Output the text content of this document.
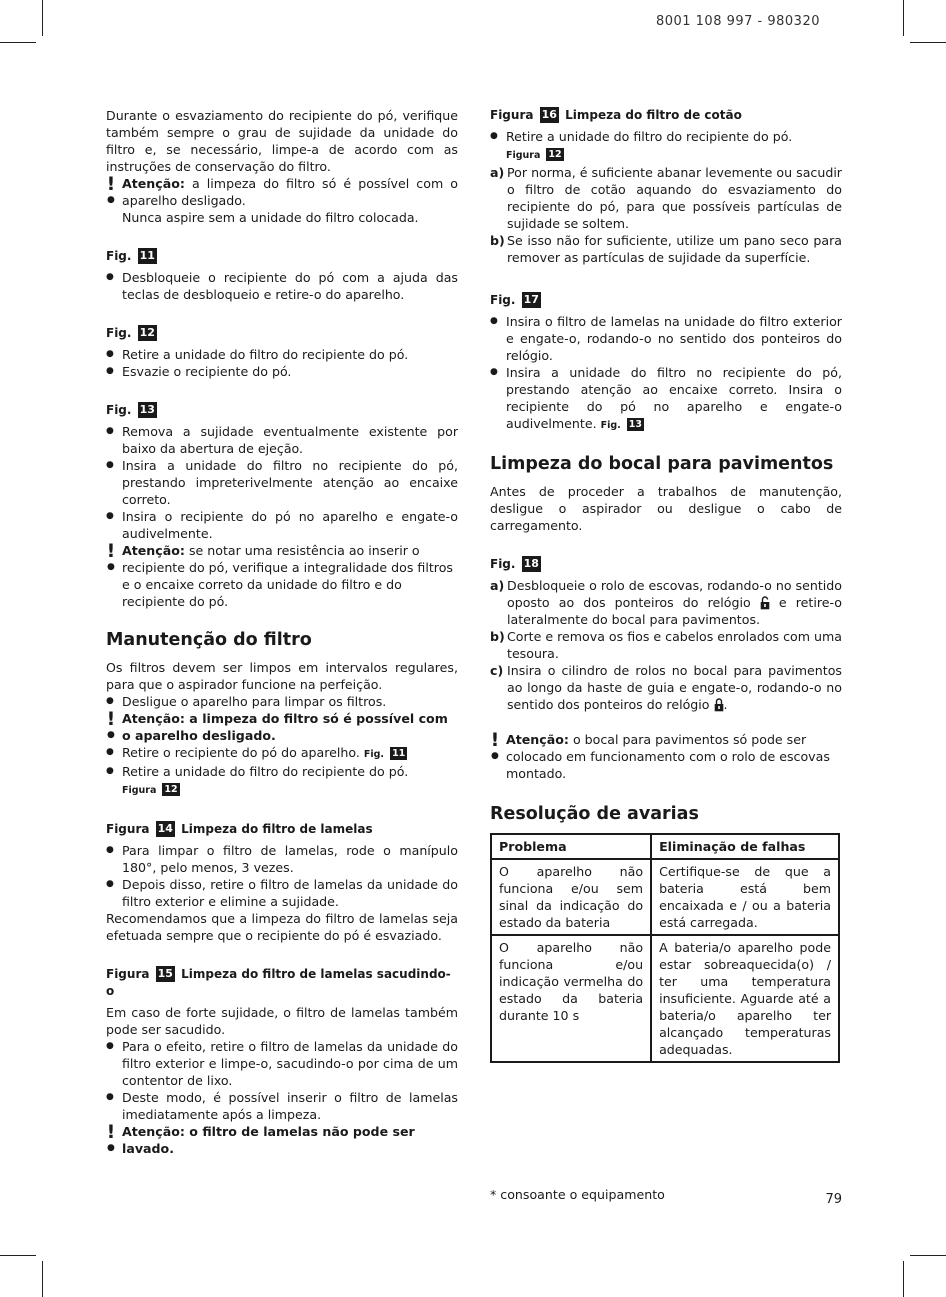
8001 108 997 - 980320

Durante o esvaziamento do recipiente do pó, verifique também sempre o grau de sujidade da unidade do filtro e, se necessário, limpe-a de acordo com as instruções de conservação do filtro.

!
●

Atenção: a limpeza do filtro só é possível com o aparelho desligado.

Nunca aspire sem a unidade do filtro colocada.

Fig. 11
● Desbloqueie o recipiente do pó com a ajuda das teclas de desbloqueio e retire-o do aparelho.
Fig. 12
● Retire a unidade do filtro do recipiente do pó.
● Esvazie o recipiente do pó.
Fig. 13
● Remova a sujidade eventualmente existente por baixo da abertura de ejeção.
● Insira a unidade do filtro no recipiente do pó, prestando impreterivelmente atenção ao encaixe correto.
● Insira o recipiente do pó no aparelho e engate-o audivelmente.
!
●

Atenção: se notar uma resistência ao inserir o recipiente do pó, verifique a integralidade dos filtros e o encaixe correto da unidade do filtro e do recipiente do pó.

Manutenção do filtro

Os filtros devem ser limpos em intervalos regulares, para que o aspirador funcione na perfeição.

● Desligue o aparelho para limpar os filtros.
!
●

Atenção: a limpeza do filtro só é possível com o aparelho desligado.

● Retire o recipiente do pó do aparelho. Fig. 11
● Retire a unidade do filtro do recipiente do pó.
Figura 12
Figura 14 Limpeza do filtro de lamelas
● Para limpar o filtro de lamelas, rode o manípulo 180°, pelo menos, 3 vezes.
● Depois disso, retire o filtro de lamelas da unidade do filtro exterior e elimine a sujidade.

Recomendamos que a limpeza do filtro de lamelas seja efetuada sempre que o recipiente do pó é esvaziado.

Figura 15 Limpeza do filtro de lamelas sacudindo-o

Em caso de forte sujidade, o filtro de lamelas também pode ser sacudido.

● Para o efeito, retire o filtro de lamelas da unidade do filtro exterior e limpe-o, sacudindo-o por cima de um contentor de lixo.
● Deste modo, é possível inserir o filtro de lamelas imediatamente após a limpeza.
!
●

Atenção: o filtro de lamelas não pode ser lavado.

Figura 16 Limpeza do filtro de cotão
● Retire a unidade do filtro do recipiente do pó.
Figura 12
a) Por norma, é suficiente abanar levemente ou sacudir o filtro de cotão aquando do esvaziamento do recipiente do pó, para que possíveis partículas de sujidade se soltem.
b) Se isso não for suficiente, utilize um pano seco para remover as partículas de sujidade da superfície.
Fig. 17
● Insira o filtro de lamelas na unidade do filtro exterior e engate-o, rodando-o no sentido dos ponteiros do relógio.
● Insira a unidade do filtro no recipiente do pó, prestando atenção ao encaixe correto. Insira o recipiente do pó no aparelho e engate-o audivelmente. Fig. 13
Limpeza do bocal para pavimentos

Antes de proceder a trabalhos de manutenção, desligue o aspirador ou desligue o cabo de carregamento.

Fig. 18
a) Desbloqueie o rolo de escovas, rodando-o no sentido oposto ao dos ponteiros do relógio  e retire-o lateralmente do bocal para pavimentos.
b) Corte e remova os fios e cabelos enrolados com uma tesoura.
c) Insira o cilindro de rolos no bocal para pavimentos ao longo da haste de guia e engate-o, rodando-o no sentido dos ponteiros do relógio .
!
●

Atenção: o bocal para pavimentos só pode ser colocado em funcionamento com o rolo de escovas montado.

Resolução de avarias
Problema	Eliminação de falhas
O aparelho não funciona e/ou sem sinal da indicação do estado da bateria	Certifique-se de que a bateria está bem encaixada e / ou a bateria está carregada.
O aparelho não funciona e/ou indicação vermelha do estado da bateria durante 10 s	A bateria/o aparelho pode estar sobreaquecida(o) / ter uma temperatura insuficiente. Aguarde até a bateria/o aparelho ter alcançado temperaturas adequadas.
* consoante o equipamento	79
